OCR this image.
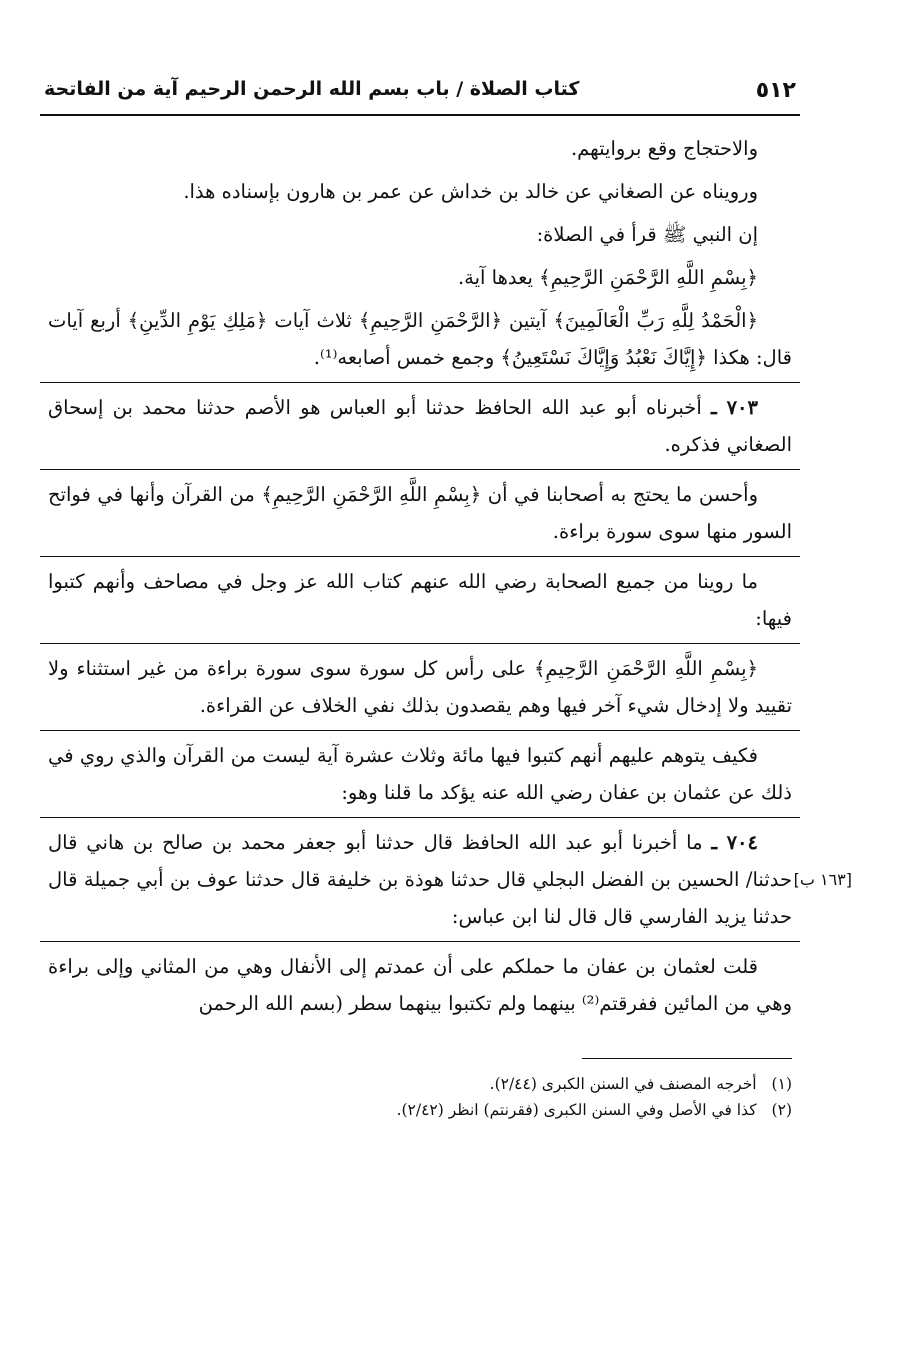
٥١٢
كتاب الصلاة / باب بسم الله الرحمن الرحيم آية من الفاتحة

والاحتجاج وقع بروايتهم.

ورويناه عن الصغاني عن خالد بن خداش عن عمر بن هارون بإسناده هذا.

إن النبي ﷺ قرأ في الصلاة:

﴿بِسْمِ اللَّهِ الرَّحْمَنِ الرَّحِيمِ﴾ يعدها آية.

﴿الْحَمْدُ لِلَّهِ رَبِّ الْعَالَمِينَ﴾ آيتين ﴿الرَّحْمَنِ الرَّحِيمِ﴾ ثلاث آيات ﴿مَلِكِ يَوْمِ الدِّينِ﴾ أربع آيات قال: هكذا ﴿إِيَّاكَ نَعْبُدُ وَإِيَّاكَ نَسْتَعِينُ﴾ وجمع خمس أصابعه⁽¹⁾.

٧٠٣ ـ أخبرناه أبو عبد الله الحافظ حدثنا أبو العباس هو الأصم حدثنا محمد بن إسحاق الصغاني فذكره.

وأحسن ما يحتج به أصحابنا في أن ﴿بِسْمِ اللَّهِ الرَّحْمَنِ الرَّحِيمِ﴾ من القرآن وأنها في فواتح السور منها سوى سورة براءة.

ما روينا من جميع الصحابة رضي الله عنهم كتاب الله عز وجل في مصاحف وأنهم كتبوا فيها:

﴿بِسْمِ اللَّهِ الرَّحْمَنِ الرَّحِيمِ﴾ على رأس كل سورة سوى سورة براءة من غير استثناء ولا تقييد ولا إدخال شيء آخر فيها وهم يقصدون بذلك نفي الخلاف عن القراءة.

فكيف يتوهم عليهم أنهم كتبوا فيها مائة وثلاث عشرة آية ليست من القرآن والذي روي في ذلك عن عثمان بن عفان رضي الله عنه يؤكد ما قلنا وهو:

[١٦٣ ب]
٧٠٤ ـ ما أخبرنا أبو عبد الله الحافظ قال حدثنا أبو جعفر محمد بن صالح بن هاني قال حدثنا/ الحسين بن الفضل البجلي قال حدثنا هوذة بن خليفة قال حدثنا عوف بن أبي جميلة قال حدثنا يزيد الفارسي قال قال لنا ابن عباس:

قلت لعثمان بن عفان ما حملكم على أن عمدتم إلى الأنفال وهي من المثاني وإلى براءة وهي من المائين ففرقتم⁽²⁾ بينهما ولم تكتبوا بينهما سطر (بسم الله الرحمن

(١) أخرجه المصنف في السنن الكبرى (٢/٤٤).

(٢) كذا في الأصل وفي السنن الكبرى (فقرنتم) انظر (٢/٤٢).
